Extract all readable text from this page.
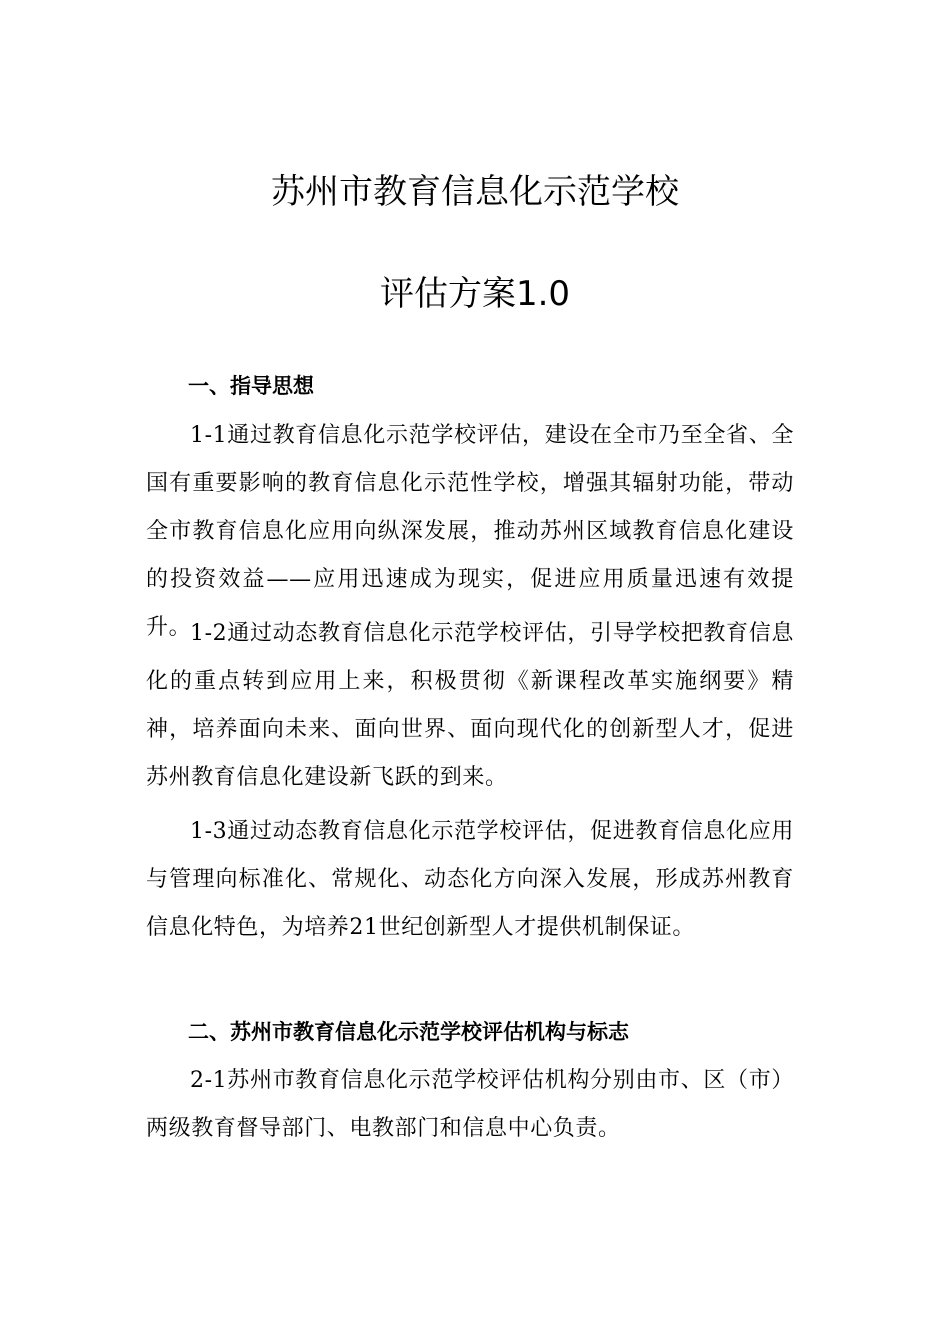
苏州市教育信息化示范学校
评估方案1.0
一、指导思想

1-1通过教育信息化示范学校评估，建设在全市乃至全省、全国有重要影响的教育信息化示范性学校，增强其辐射功能，带动全市教育信息化应用向纵深发展，推动苏州区域教育信息化建设的投资效益——应用迅速成为现实，促进应用质量迅速有效提升。

1-2通过动态教育信息化示范学校评估，引导学校把教育信息化的重点转到应用上来，积极贯彻《新课程改革实施纲要》精神，培养面向未来、面向世界、面向现代化的创新型人才，促进苏州教育信息化建设新飞跃的到来。

1-3通过动态教育信息化示范学校评估，促进教育信息化应用与管理向标准化、常规化、动态化方向深入发展，形成苏州教育信息化特色，为培养21世纪创新型人才提供机制保证。

二、苏州市教育信息化示范学校评估机构与标志

2-1苏州市教育信息化示范学校评估机构分别由市、区（市）两级教育督导部门、电教部门和信息中心负责。
